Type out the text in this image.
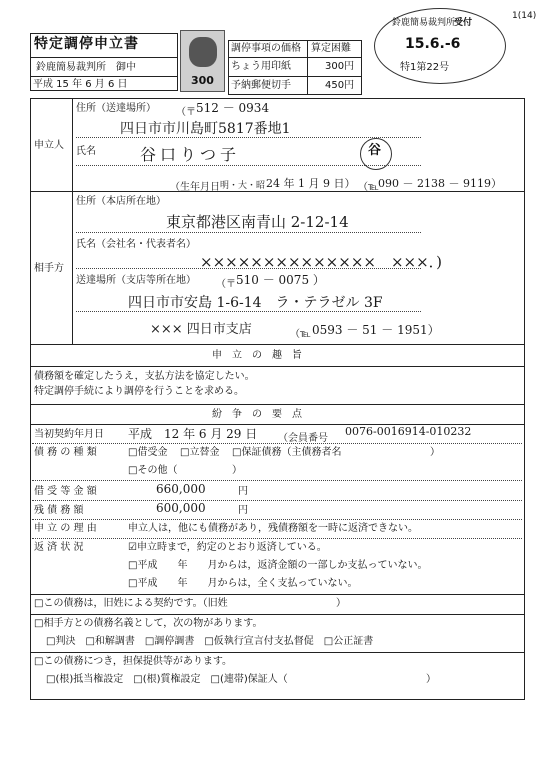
特定調停申立書
鈴鹿簡易裁判所　御中
平成 15 年 6 月 6 日	300
調停事項の価格 算定困難
ちょう用印紙	300円
予納郵便切手	450円
鈴鹿簡易裁判所
受付
15.6.-6
特1第22号
1(14)
申立人
住所（送達場所） （〒 512 － 0934
四日市市川島町5817番地1
氏名	谷口りつ子	谷
（生年月日 明・大・昭 24 年 1 月 9 日） （℡ 090 － 2138 － 9119）
相手方
住所（本店所在地）
東京都港区南青山 2-12-14
氏名（会社名・代表者名）
××××××××××××××　×××．)
送達場所（支店等所在地） （〒 510 － 0075 ）
四日市市安島 1-6-14　ラ・テラゼル 3F
××× 四日市支店	（℡ 0593 － 51 － 1951）
申　立　の　趣　旨
債務額を確定したうえ，支払方法を協定したい。
特定調停手続により調停を行うことを求める。
紛　争　の　要　点
当初契約年月日 平成 12 年 6 月 29 日 （会員番号
0076-0016914-010232
債 務 の 種 類	□借受金 □立替金 □保証債務（主債務者名	）
□その他（	）
借 受 等 金 額	660,000	円
残 債 務 額	600,000	円
申 立 の 理 由	申立人は，他にも債務があり，残債務額を一時に返済できない。
返 済 状 況	☑申立時まで，約定のとおり返済している。
□平成　　年　　月からは，返済金額の一部しか支払っていない。
□平成　　年　　月からは，全く支払っていない。
□この債務は，旧姓による契約です。（旧姓	）
□相手方との債務名義として，次の物があります。
□判決　□和解調書　□調停調書　□仮執行宣言付支払督促　□公正証書
□この債務につき，担保提供等があります。
□(根)抵当権設定　□(根)質権設定　□(連帯)保証人（	）
